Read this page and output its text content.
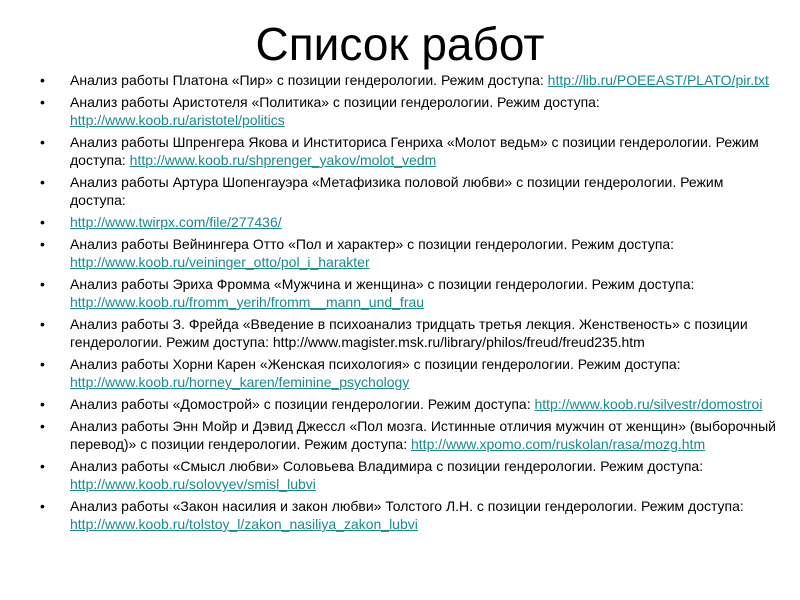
Список работ
•	Анализ работы Платона «Пир» с позиции гендерологии. Режим доступа: http://lib.ru/POEEAST/PLATO/pir.txt
•	Анализ работы Аристотеля «Политика» с позиции гендерологии. Режим доступа: http://www.koob.ru/aristotel/politics
•	Анализ работы Шпренгера Якова и Инститориса Генриха «Молот ведьм» с позиции гендерологии. Режим доступа: http://www.koob.ru/shprenger_yakov/molot_vedm
•	Анализ работы Артура Шопенгауэра «Метафизика половой любви» с позиции гендерологии. Режим доступа:
•	http://www.twirpx.com/file/277436/
•	Анализ работы Вейнингера Отто «Пол и характер» с позиции гендерологии. Режим доступа: http://www.koob.ru/veininger_otto/pol_i_harakter
•	Анализ работы Эриха Фромма «Мужчина и женщина» с позиции гендерологии. Режим доступа: http://www.koob.ru/fromm_yerih/fromm__mann_und_frau
•	Анализ работы З. Фрейда «Введение в психоанализ тридцать третья лекция. Женственость» с позиции гендерологии. Режим доступа: http://www.magister.msk.ru/library/philos/freud/freud235.htm
•	Анализ работы Хорни Карен «Женская психология» с позиции гендерологии. Режим доступа: http://www.koob.ru/horney_karen/feminine_psychology
•	Анализ работы «Домострой» с позиции гендерологии. Режим доступа: http://www.koob.ru/silvestr/domostroi
•	Анализ работы Энн Мойр и Дэвид Джессл «Пол мозга. Истинные отличия мужчин от женщин» (выборочный перевод)» с позиции гендерологии. Режим доступа: http://www.xpomo.com/ruskolan/rasa/mozg.htm
•	Анализ работы «Смысл любви» Соловьева Владимира с позиции гендерологии. Режим доступа: http://www.koob.ru/solovyev/smisl_lubvi
•	Анализ работы «Закон насилия и закон любви» Толстого Л.Н. с позиции гендерологии. Режим доступа: http://www.koob.ru/tolstoy_l/zakon_nasiliya_zakon_lubvi
